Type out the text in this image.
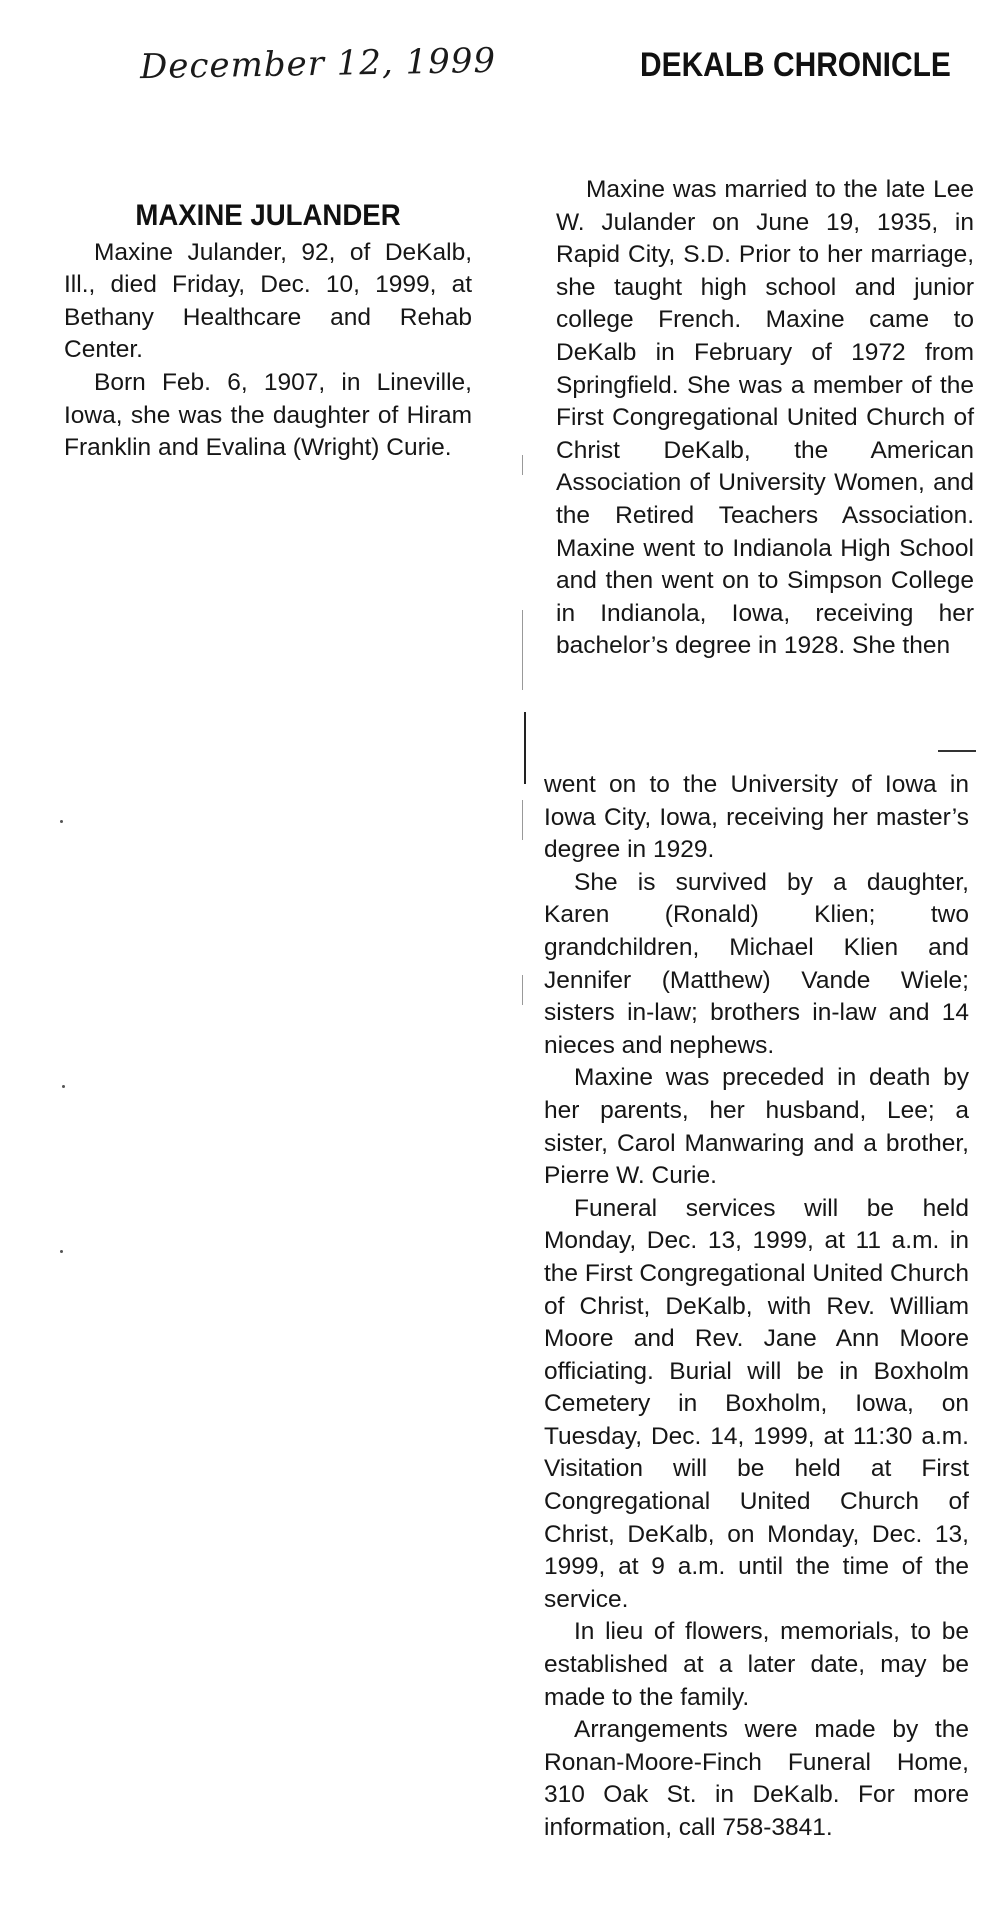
December 12, 1999	DEKALB CHRONICLE
MAXINE JULANDER

Maxine Julander, 92, of DeKalb, Ill., died Friday, Dec. 10, 1999, at Bethany Healthcare and Rehab Center.

Born Feb. 6, 1907, in Lineville, Iowa, she was the daughter of Hiram Franklin and Evalina (Wright) Curie.

Maxine was married to the late Lee W. Julander on June 19, 1935, in Rapid City, S.D. Prior to her marriage, she taught high school and junior college French. Maxine came to DeKalb in February of 1972 from Springfield. She was a member of the First Congregational United Church of Christ DeKalb, the American Association of University Women, and the Retired Teachers Association. Maxine went to Indianola High School and then went on to Simpson College in Indianola, Iowa, receiving her bachelor’s degree in 1928. She then

went on to the University of Iowa in Iowa City, Iowa, receiving her master’s degree in 1929.

She is survived by a daughter, Karen (Ronald) Klien; two grandchildren, Michael Klien and Jennifer (Matthew) Vande Wiele; sisters in-law; brothers in-law and 14 nieces and nephews.

Maxine was preceded in death by her parents, her husband, Lee; a sister, Carol Manwaring and a brother, Pierre W. Curie.

Funeral services will be held Monday, Dec. 13, 1999, at 11 a.m. in the First Congregational United Church of Christ, DeKalb, with Rev. William Moore and Rev. Jane Ann Moore officiating. Burial will be in Boxholm Cemetery in Boxholm, Iowa, on Tuesday, Dec. 14, 1999, at 11:30 a.m. Visitation will be held at First Congregational United Church of Christ, DeKalb, on Monday, Dec. 13, 1999, at 9 a.m. until the time of the service.

In lieu of flowers, memorials, to be established at a later date, may be made to the family.

Arrangements were made by the Ronan-Moore-Finch Funeral Home, 310 Oak St. in DeKalb. For more information, call 758-3841.
